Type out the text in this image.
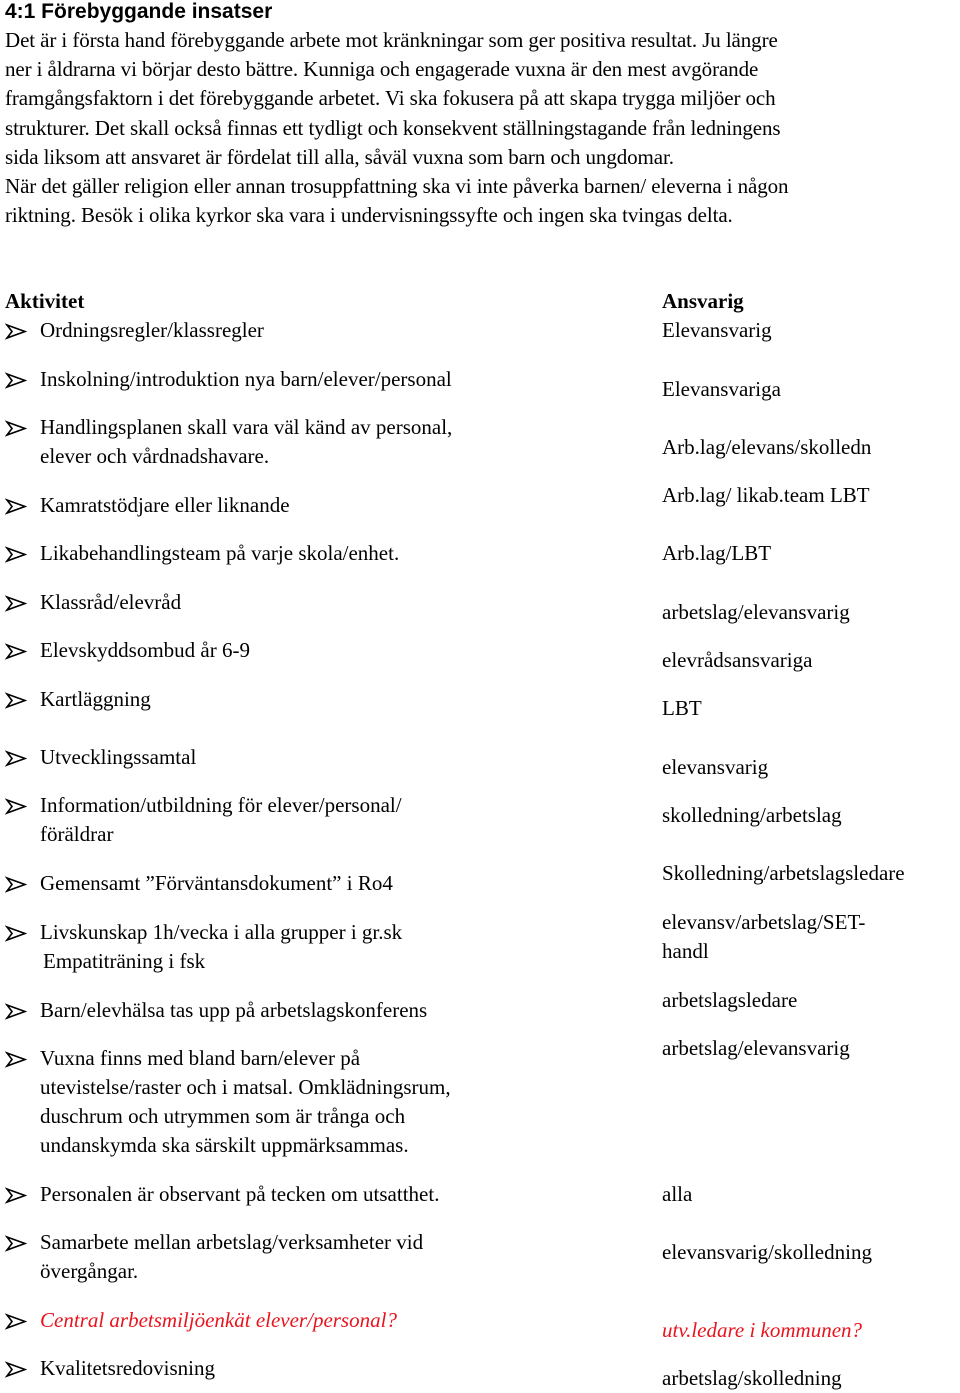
4:1 Förebyggande insatser
Det är i första hand förebyggande arbete mot kränkningar som ger positiva resultat. Ju längre
ner i åldrarna vi börjar desto bättre. Kunniga och engagerade vuxna är den mest avgörande
framgångsfaktorn i det förebyggande arbetet. Vi ska fokusera på att skapa trygga miljöer och
strukturer. Det skall också finnas ett tydligt och konsekvent ställningstagande från ledningens
sida liksom att ansvaret är fördelat till alla, såväl vuxna som barn och ungdomar.
När det gäller religion eller annan trosuppfattning ska vi inte påverka barnen/ eleverna i någon
riktning. Besök i olika kyrkor ska vara i undervisningssyfte och ingen ska tvingas delta.
Aktivitet	Ansvarig
Ordningsregler/klassregler
Inskolning/introduktion nya barn/elever/personal
Handlingsplanen skall vara väl känd av personal,
elever och vårdnadshavare.
Kamratstödjare eller liknande
Likabehandlingsteam på varje skola/enhet.
Klassråd/elevråd
Elevskyddsombud år 6-9
Kartläggning
Utvecklingssamtal
Information/utbildning för elever/personal/
föräldrar
Gemensamt ”Förväntansdokument” i Ro4
Livskunskap 1h/vecka i alla grupper i gr.sk
Empatiträning i fsk
Barn/elevhälsa tas upp på arbetslagskonferens
Vuxna finns med bland barn/elever på
utevistelse/raster och i matsal. Omklädningsrum,
duschrum och utrymmen som är trånga och
undanskymda ska särskilt uppmärksammas.
Personalen är observant på tecken om utsatthet.
Samarbete mellan arbetslag/verksamheter vid
övergångar.
Central arbetsmiljöenkät elever/personal?
Kvalitetsredovisning
Elevansvarig
Elevansvariga
Arb.lag/elevans/skolledn
Arb.lag/ likab.team LBT
Arb.lag/LBT
arbetslag/elevansvarig
elevrådsansvariga
LBT
elevansvarig
skolledning/arbetslag
Skolledning/arbetslagsledare
elevansv/arbetslag/SET-
handl
arbetslagsledare
arbetslag/elevansvarig
alla
elevansvarig/skolledning
utv.ledare i kommunen?
arbetslag/skolledning
